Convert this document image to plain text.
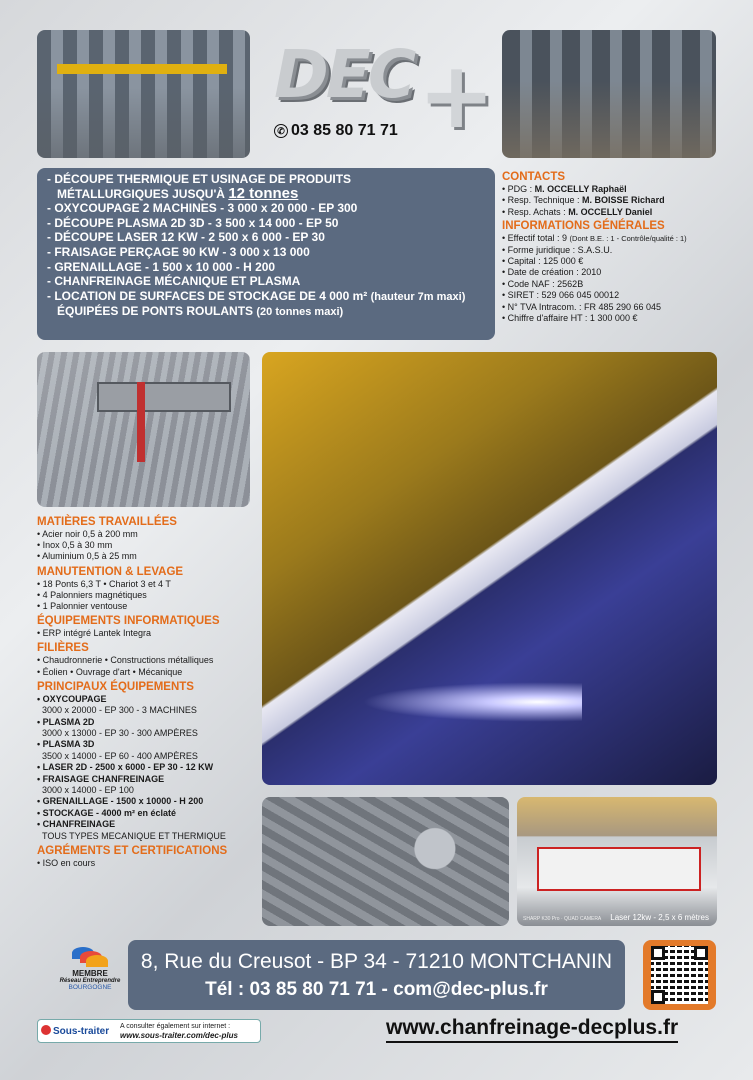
SHARP K30 Pro · QUAD CAMERA Laser 12kw - 2,5 x 6 mètres
DEC +
✆ 03 85 80 71 71
- DÉCOUPE THERMIQUE ET USINAGE DE PRODUITS
MÉTALLURGIQUES JUSQU'À 12 tonnes
- OXYCOUPAGE 2 MACHINES - 3 000 x 20 000 - EP 300
- DÉCOUPE PLASMA 2D 3D - 3 500 x 14 000 - EP 50
- DÉCOUPE LASER 12 KW - 2 500 x 6 000 - EP 30
- FRAISAGE PERÇAGE 90 KW - 3 000 x 13 000
- GRENAILLAGE - 1 500 x 10 000 - H 200
- CHANFREINAGE MÉCANIQUE ET PLASMA
- LOCATION DE SURFACES DE STOCKAGE DE 4 000 m² (hauteur 7m maxi)
ÉQUIPÉES DE PONTS ROULANTS (20 tonnes maxi)
CONTACTS
• PDG : M. OCCELLY Raphaël
• Resp. Technique : M. BOISSE Richard
• Resp. Achats : M. OCCELLY Daniel
INFORMATIONS GÉNÉRALES
• Effectif total : 9 (Dont B.E. : 1 - Contrôle/qualité : 1)
• Forme juridique : S.A.S.U.
• Capital : 125 000 €
• Date de création : 2010
• Code NAF : 2562B
• SIRET : 529 066 045 00012
• N° TVA Intracom. : FR 485 290 66 045
• Chiffre d'affaire HT : 1 300 000 €
MATIÈRES TRAVAILLÉES
• Acier noir 0,5 à 200 mm
• Inox 0,5 à 30 mm
• Aluminium 0,5 à 25 mm
MANUTENTION & LEVAGE
• 18 Ponts 6,3 T • Chariot 3 et 4 T
• 4 Palonniers magnétiques
• 1 Palonnier ventouse
ÉQUIPEMENTS INFORMATIQUES
• ERP intégré Lantek Integra
FILIÈRES
• Chaudronnerie • Constructions métalliques
• Éolien • Ouvrage d'art • Mécanique
PRINCIPAUX ÉQUIPEMENTS
• OXYCOUPAGE
3000 x 20000 - EP 300 - 3 MACHINES
• PLASMA 2D
3000 x 13000 - EP 30 - 300 AMPÈRES
• PLASMA 3D
3500 x 14000 - EP 60 - 400 AMPÈRES
• LASER 2D - 2500 x 6000 - EP 30 - 12 KW
• FRAISAGE CHANFREINAGE
3000 x 14000 - EP 100
• GRENAILLAGE - 1500 x 10000 - H 200
• STOCKAGE - 4000 m² en éclaté
• CHANFREINAGE
TOUS TYPES MECANIQUE ET THERMIQUE
AGRÉMENTS ET CERTIFICATIONS
• ISO en cours
MEMBRE
Réseau Entreprendre
BOURGOGNE
8, Rue du Creusot - BP 34 - 71210 MONTCHANIN
Tél : 03 85 80 71 71 - com@dec-plus.fr
Sous-traiter A consulter également sur internet :
www.sous-traiter.com/dec-plus	www.chanfreinage-decplus.fr
